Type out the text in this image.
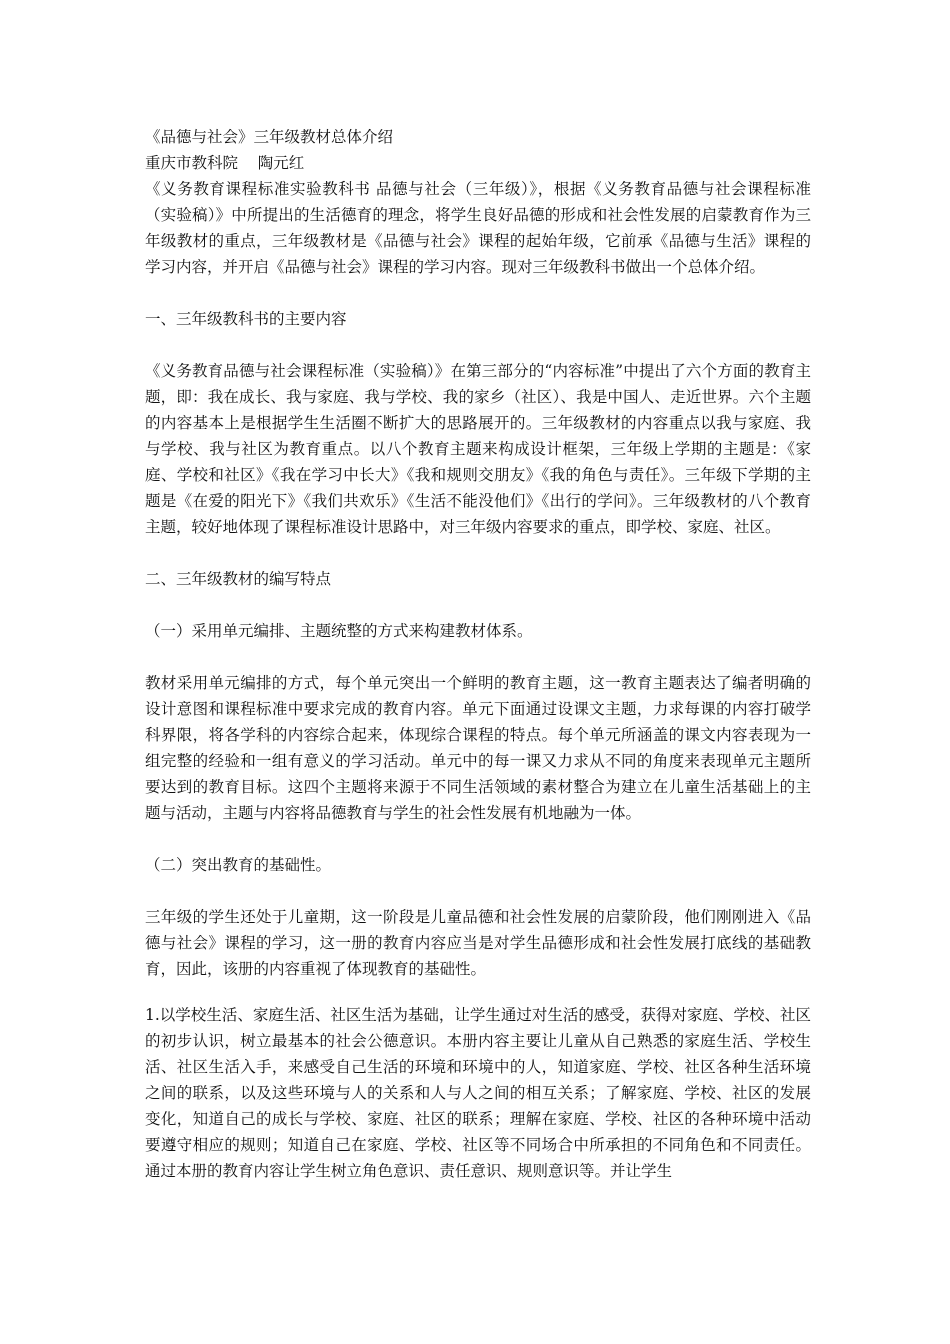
《品德与社会》三年级教材总体介绍

重庆市教科院    陶元红

《义务教育课程标准实验教科书 品德与社会（三年级）》，根据《义务教育品德与社会课程标准（实验稿）》中所提出的生活德育的理念，将学生良好品德的形成和社会性发展的启蒙教育作为三年级教材的重点，三年级教材是《品德与社会》课程的起始年级，它前承《品德与生活》课程的学习内容，并开启《品德与社会》课程的学习内容。现对三年级教科书做出一个总体介绍。

一、三年级教科书的主要内容

《义务教育品德与社会课程标准（实验稿）》在第三部分的“内容标准”中提出了六个方面的教育主题，即：我在成长、我与家庭、我与学校、我的家乡（社区）、我是中国人、走近世界。六个主题的内容基本上是根据学生生活圈不断扩大的思路展开的。三年级教材的内容重点以我与家庭、我与学校、我与社区为教育重点。以八个教育主题来构成设计框架，三年级上学期的主题是：《家庭、学校和社区》《我在学习中长大》《我和规则交朋友》《我的角色与责任》。三年级下学期的主题是《在爱的阳光下》《我们共欢乐》《生活不能没他们》《出行的学问》。三年级教材的八个教育主题，较好地体现了课程标准设计思路中，对三年级内容要求的重点，即学校、家庭、社区。

二、三年级教材的编写特点

（一）采用单元编排、主题统整的方式来构建教材体系。

教材采用单元编排的方式，每个单元突出一个鲜明的教育主题，这一教育主题表达了编者明确的设计意图和课程标准中要求完成的教育内容。单元下面通过设课文主题，力求每课的内容打破学科界限，将各学科的内容综合起来，体现综合课程的特点。每个单元所涵盖的课文内容表现为一组完整的经验和一组有意义的学习活动。单元中的每一课又力求从不同的角度来表现单元主题所要达到的教育目标。这四个主题将来源于不同生活领域的素材整合为建立在儿童生活基础上的主题与活动，主题与内容将品德教育与学生的社会性发展有机地融为一体。

（二）突出教育的基础性。

三年级的学生还处于儿童期，这一阶段是儿童品德和社会性发展的启蒙阶段，他们刚刚进入《品德与社会》课程的学习，这一册的教育内容应当是对学生品德形成和社会性发展打底线的基础教育，因此，该册的内容重视了体现教育的基础性。

1.以学校生活、家庭生活、社区生活为基础，让学生通过对生活的感受，获得对家庭、学校、社区的初步认识，树立最基本的社会公德意识。本册内容主要让儿童从自己熟悉的家庭生活、学校生活、社区生活入手，来感受自己生活的环境和环境中的人，知道家庭、学校、社区各种生活环境之间的联系，以及这些环境与人的关系和人与人之间的相互关系；了解家庭、学校、社区的发展变化，知道自己的成长与学校、家庭、社区的联系；理解在家庭、学校、社区的各种环境中活动要遵守相应的规则；知道自己在家庭、学校、社区等不同场合中所承担的不同角色和不同责任。通过本册的教育内容让学生树立角色意识、责任意识、规则意识等。并让学生
